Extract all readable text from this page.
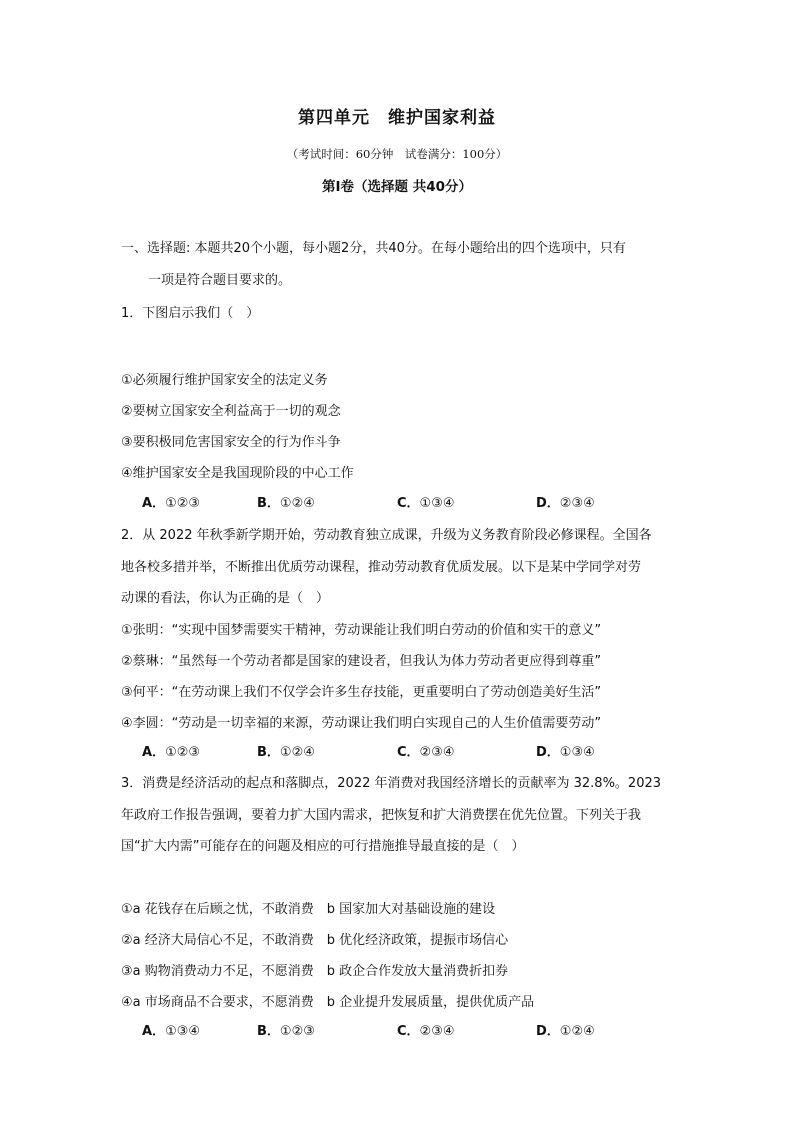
第四单元　维护国家利益
（考试时间：60分钟　试卷满分：100分）
第Ⅰ卷（选择题 共40分）
一、选择题: 本题共20个小题，每小题2分，共40分。在每小题给出的四个选项中，只有
一项是符合题目要求的。
1．下图启示我们（　）
①必须履行维护国家安全的法定义务
②要树立国家安全利益高于一切的观念
③要积极同危害国家安全的行为作斗争
④维护国家安全是我国现阶段的中心工作
A．①②③	B．①②④	C．①③④	D．②③④
2．从 2022 年秋季新学期开始，劳动教育独立成课，升级为义务教育阶段必修课程。全国各
地各校多措并举，不断推出优质劳动课程，推动劳动教育优质发展。以下是某中学同学对劳
动课的看法，你认为正确的是（　）
①张明：“实现中国梦需要实干精神，劳动课能让我们明白劳动的价值和实干的意义”
②蔡琳：“虽然每一个劳动者都是国家的建设者，但我认为体力劳动者更应得到尊重”
③何平：“在劳动课上我们不仅学会许多生存技能，更重要明白了劳动创造美好生活”
④李圆：“劳动是一切幸福的来源，劳动课让我们明白实现自己的人生价值需要劳动”
A．①②③	B．①②④	C．②③④	D．①③④
3．消费是经济活动的起点和落脚点，2022 年消费对我国经济增长的贡献率为 32.8%。2023
年政府工作报告强调，要着力扩大国内需求，把恢复和扩大消费摆在优先位置。下列关于我
国“扩大内需”可能存在的问题及相应的可行措施推导最直接的是（　）
①a 花钱存在后顾之忧，不敢消费　b 国家加大对基础设施的建设
②a 经济大局信心不足，不敢消费　b 优化经济政策，提振市场信心
③a 购物消费动力不足，不愿消费　b 政企合作发放大量消费折扣券
④a 市场商品不合要求，不愿消费　b 企业提升发展质量，提供优质产品
A．①③④	B．①②③	C．②③④	D．①②④
